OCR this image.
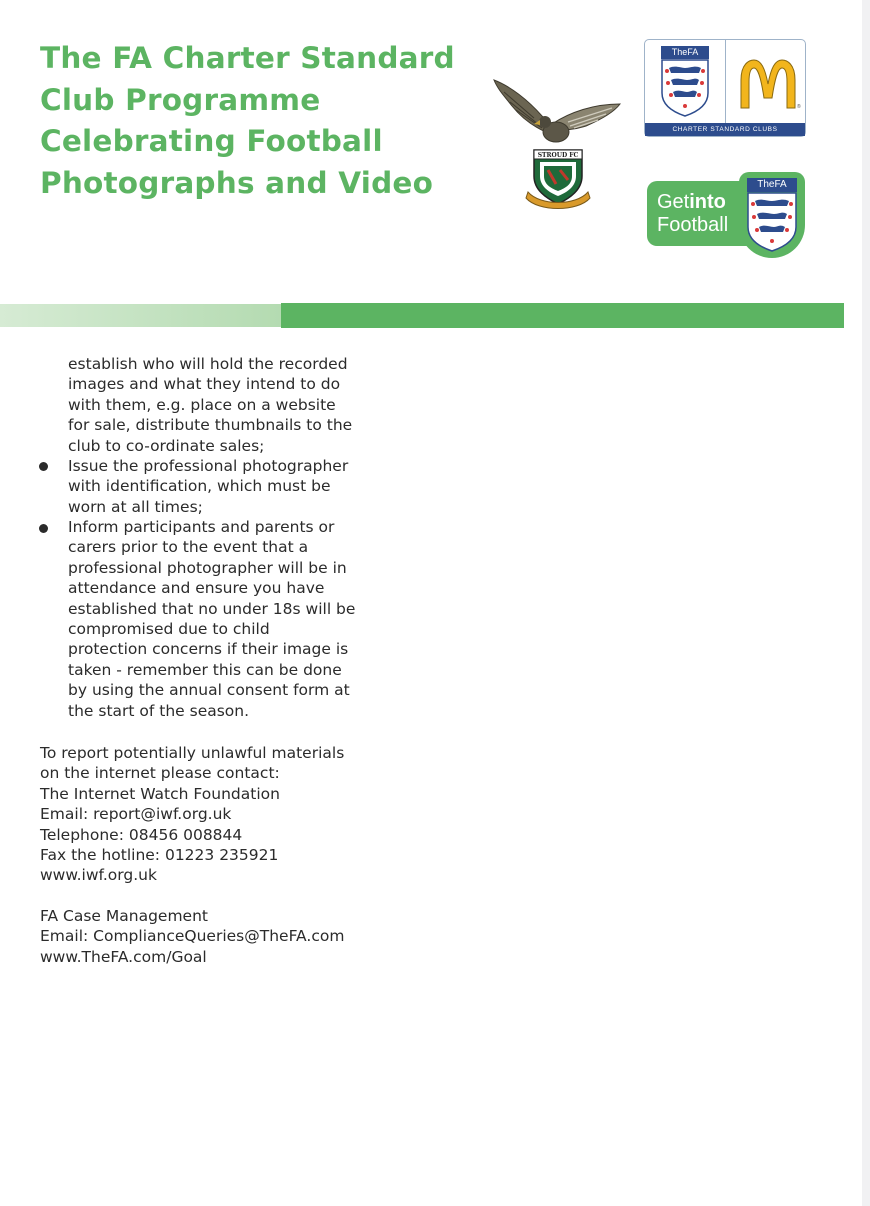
The FA Charter Standard
Club Programme
Celebrating Football
Photographs and Video
STROUD FC
TheFA
®
CHARTER STANDARD CLUBS
Getinto
Football
TheFA
establish who will hold the recorded
images and what they intend to do
with them, e.g. place on a website
for sale, distribute thumbnails to the
club to co-ordinate sales;
Issue the professional photographer
with identification, which must be
worn at all times;
Inform participants and parents or
carers prior to the event that a
professional photographer will be in
attendance and ensure you have
established that no under 18s will be
compromised due to child
protection concerns if their image is
taken - remember this can be done
by using the annual consent form at
the start of the season.
To report potentially unlawful materials
on the internet please contact:
The Internet Watch Foundation
Email: report@iwf.org.uk
Telephone: 08456 008844
Fax the hotline: 01223 235921
www.iwf.org.uk
FA Case Management
Email: ComplianceQueries@TheFA.com
www.TheFA.com/Goal
